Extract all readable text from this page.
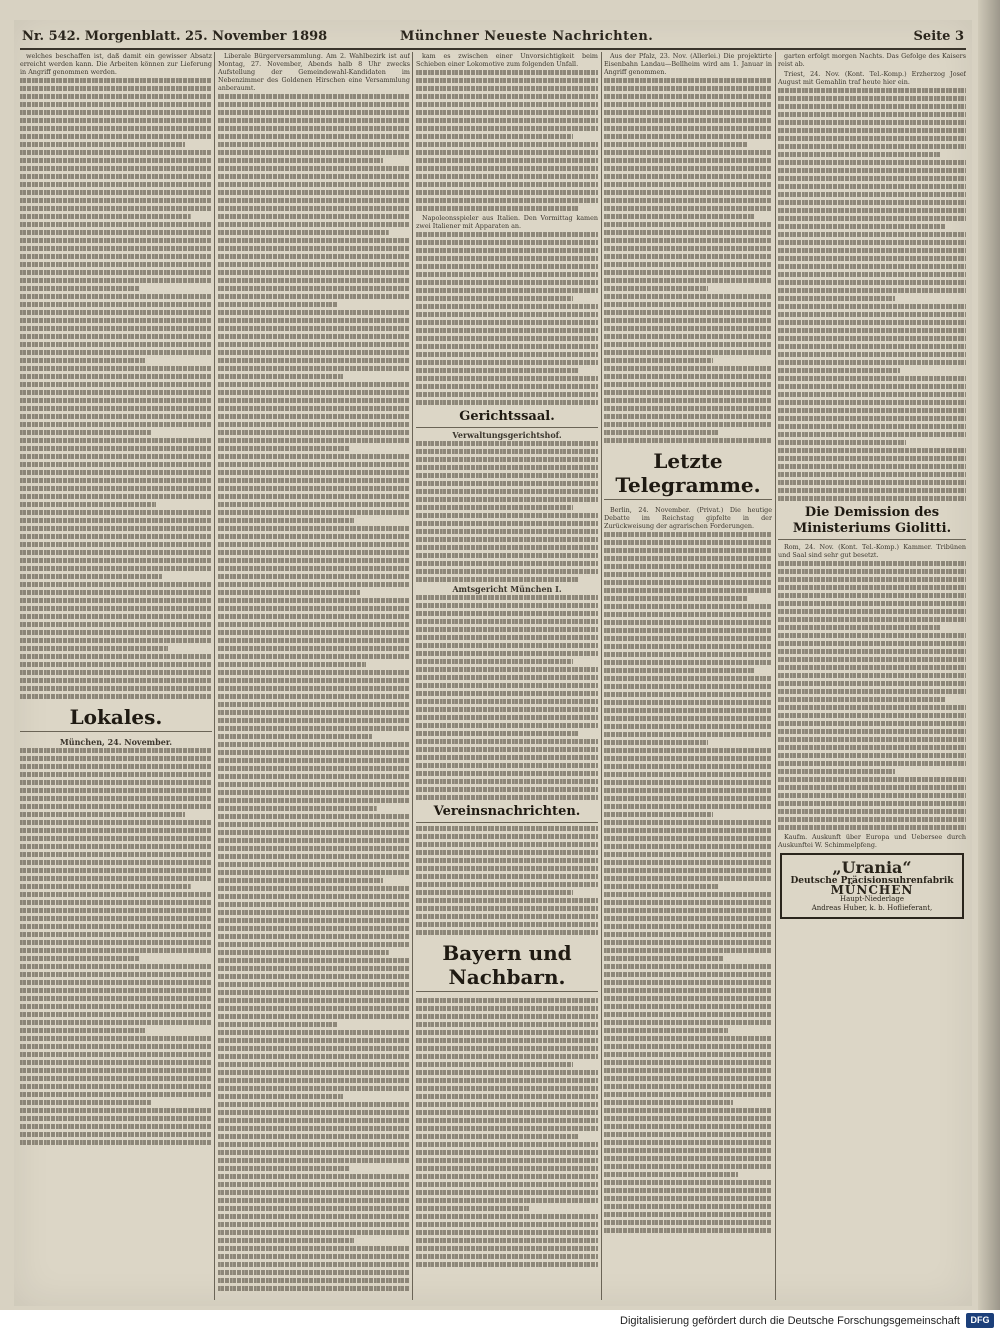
Nr. 542. Morgenblatt. 25. November 1898	Münchner Neueste Nachrichten.	Seite 3

welches beschaffen ist, daß damit ein gewisser Absatz erreicht werden kann. Die Arbeiten können zur Lieferung in Angriff genommen werden.

Lokales.
München, 24. November.

Liberale Bürgerversammlung. Am 2. Wahlbezirk ist auf Montag, 27. November, Abends halb 8 Uhr zwecks Aufstellung der Gemeindewahl-Kandidaten im Nebenzimmer des Goldenen Hirschen eine Versammlung anberaumt.

kam es zwischen einer Unvorsichtigkeit beim Schieben einer Lokomotive zum folgenden Unfall.

Napoleonsspieler aus Italien. Den Vormittag kamen zwei Italiener mit Apparaten an.

Gerichtssaal.
Verwaltungsgerichtshof.
Amtsgericht München I.
Vereinsnachrichten.
Bayern und Nachbarn.

Aus der Pfalz, 23. Nov. (Allerlei.) Die projektirte Eisenbahn Landau—Bellheim wird am 1. Januar in Angriff genommen.

Letzte Telegramme.

Berlin, 24. November. (Privat.) Die heutige Debatte im Reichstag gipfelte in der Zurückweisung der agrarischen Forderungen.

garten erfolgt morgen Nachts. Das Gefolge des Kaisers reist ab.

Triest, 24. Nov. (Kont. Tel.-Komp.) Erzherzog Josef August mit Gemahlin traf heute hier ein.

Die Demission des Ministeriums Giolitti.

Rom, 24. Nov. (Kont. Tel.-Komp.) Kammer. Tribünen und Saal sind sehr gut besetzt.

Kaufm. Auskunft über Europa und Uebersee durch Auskunftei W. Schimmelpfeng.

„Urania“
Deutsche Präcisionsuhrenfabrik
MÜNCHEN
Haupt-Niederlage
Andreas Huber, k. b. Hoflieferant,
Digitalisierung gefördert durch die Deutsche Forschungsgemeinschaft	DFG
